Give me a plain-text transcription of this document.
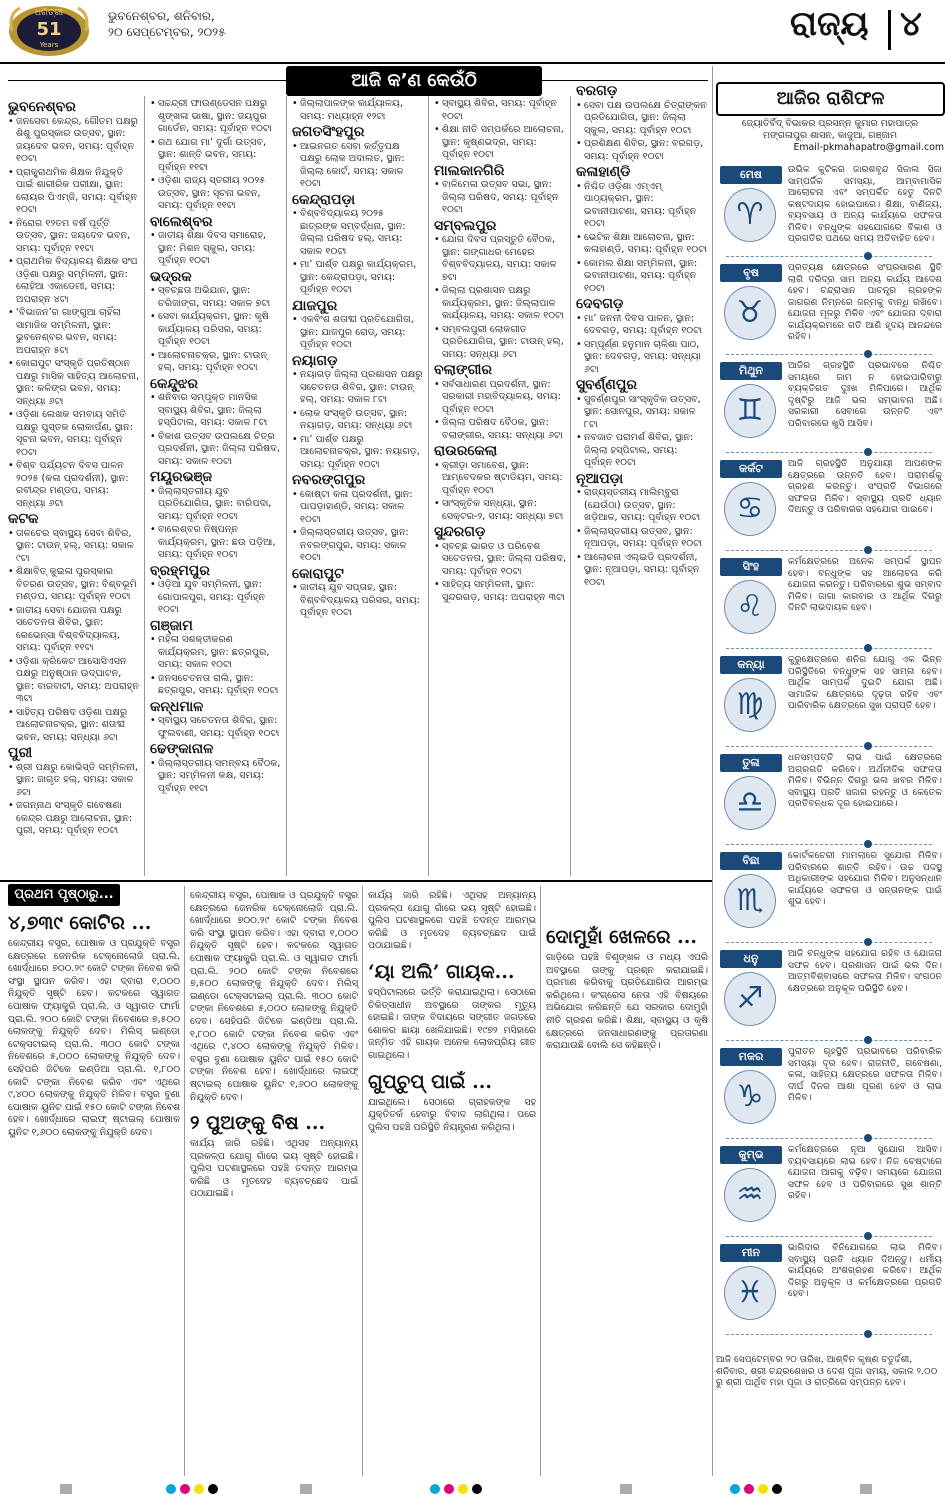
ଧରିତ୍ରୀ
51
Years
ଭୁବନେଶ୍ବର, ଶନିବାର,
୨୦ ସେପ୍ଟେମ୍ବର, ୨୦୨୫	ରାଜ୍ୟ ୪
ଆଜି କ’ଣ କେଉଁଠି
ଭୁବନେଶ୍ବର
• ଜନସେବା କେନ୍ଦ୍ର, ଗୌତମ ପକ୍ଷରୁ ଶିଶୁ ପୁରସ୍କାର ଉତ୍ସବ, ସ୍ଥାନ: ଜୟଦେବ ଭବନ, ସମୟ: ପୂର୍ବାହ୍ନ ୧୦ଟା
• ପ୍ରାକ୍ପ୍ରାଥମିକ ଶିକ୍ଷକ ନିଯୁକ୍ତି ପାଇଁ ଶାରୀରିକ ପରୀକ୍ଷା, ସ୍ଥାନ: ଲୋୟର ପିଏମ୍‌ଜି, ସମୟ: ପୂର୍ବାହ୍ନ ୧୦ଟା
• ନିରୋଗ ୧୨ତମ ବର୍ଷ ପୂର୍ତ୍ତି ଉତ୍ସବ, ସ୍ଥାନ: ଜୟଦେବ ଭବନ, ସମୟ: ପୂର୍ବାହ୍ନ ୧୧ଟା
• ପ୍ରାଥମିକ ବିଦ୍ୟାଳୟ ଶିକ୍ଷକ ସଂଘ ଓଡ଼ିଶା ପକ୍ଷରୁ ସମ୍ମିଳନୀ, ସ୍ଥାନ: ଲୋହିଆ ଏକାଡେମୀ, ସମୟ: ଅପରାହ୍ନ ୪ଟା
• ‘ବିଭାଜନ’ର ଗାଙ୍ଗୁଆ ଚାହିଁଲା ସାମାଜିକ ସମ୍ମିଳନୀ, ସ୍ଥାନ: ଭୁବନେଶ୍ବର ଭବନ, ସମୟ: ଅପରାହ୍ନ ୫ଟା
• କୋରାପୁଟ ସଂସ୍କୃତି ପ୍ରତିଷ୍ଠାନ ପକ୍ଷରୁ ମାସିକ ସାହିତ୍ୟ ଆଲୋଚନା, ସ୍ଥାନ: କଳିଙ୍ଗ ଭବନ, ସମୟ: ସନ୍ଧ୍ୟା ୬ଟା
• ଓଡ଼ିଶା ଲେଖକ ସମବାୟ ସମିତି ପକ୍ଷରୁ ପୁସ୍ତକ ଲୋକାର୍ପଣ, ସ୍ଥାନ: ସୂଚନା ଭବନ, ସମୟ: ପୂର୍ବାହ୍ନ ୧୦ଟା
• ବିଶ୍ବ ପର୍ଯ୍ୟଟନ ଦିବସ ପାଳନ ୨୦୨୫ (କଳା ପ୍ରଦର୍ଶନୀ), ସ୍ଥାନ: ରବୀନ୍ଦ୍ର ମଣ୍ଡପ, ସମୟ: ସନ୍ଧ୍ୟା ୬ଟା
କଟକ
• ତାଳଚେର ସ୍ବାସ୍ଥ୍ୟ ସେବା ଶିବିର, ସ୍ଥାନ: ଟାଉନ୍ ହଲ୍, ସମୟ: ସକାଳ ୯ଟା
• ଶିକ୍ଷାବିତ୍ କୁଇଳା ପୁରସ୍କାର ବିତରଣ ଉତ୍ସବ, ସ୍ଥାନ: ବିଶ୍ବଭୂମି ମଣ୍ଡପ, ସମୟ: ପୂର୍ବାହ୍ନ ୧୦ଟା
• ଜାତୀୟ ସେବା ଯୋଜନା ପକ୍ଷରୁ ସଚେତନତା ଶିବିର, ସ୍ଥାନ: ରେଭେନ୍ସା ବିଶ୍ବବିଦ୍ୟାଳୟ, ସମୟ: ପୂର୍ବାହ୍ନ ୧୧ଟା
• ଓଡ଼ିଶା କ୍ରିକେଟ ଆସୋସିଏସନ ପକ୍ଷରୁ ଅନୁଷ୍ଠାନ ଉଦ୍‌ଘାଟନ, ସ୍ଥାନ: ବାରବାଟୀ, ସମୟ: ଅପରାହ୍ନ ୩ଟା
• ସାହିତ୍ୟ ପରିଷଦ ଓଡ଼ିଶା ପକ୍ଷରୁ ଆଲୋଚନାଚକ୍ର, ସ୍ଥାନ: ଶତାବ୍ଦୀ ଭବନ, ସମୟ: ସନ୍ଧ୍ୟା ୬ଟା
ପୁରୀ
• ଶ୍ରୀ ପକ୍ଷରୁ କୋଭିସ୍ତି ସମ୍ମିଳନୀ, ସ୍ଥାନ: ଜାଗୃତ ହଲ୍, ସମୟ: ସକାଳ ୬ଟା
• ଜଗନ୍ନାଥ ସଂସ୍କୃତି ଗବେଷଣା କେନ୍ଦ୍ର ପକ୍ଷରୁ ଆଲୋଚନା, ସ୍ଥାନ: ପୁରୀ, ସମୟ: ପୂର୍ବାହ୍ନ ୧୦ଟା
• ସଚ୍ଚନ୍ଦ୍ରୀ ଫାଉଣ୍ଡେସନ ପକ୍ଷରୁ ଶୃଙ୍ଖଳା ଭାଷା, ସ୍ଥାନ: ଜୟପୁର ଗାର୍ଡେନ, ସମୟ: ପୂର୍ବାହ୍ନ ୧୦ଟା
• ରଥ ଯୋଗ ମା’ ଦୁର୍ଗା ଉତ୍ସବ, ସ୍ଥାନ: ଶାନ୍ତି ଭବନ, ସମୟ: ପୂର୍ବାହ୍ନ ୧୧ଟା
• ଓଡ଼ିଶା ରାଜ୍ୟ ସ୍ତରୀୟ ୨୦୨୫ ଉତ୍ସବ, ସ୍ଥାନ: ସୂଚନା ଭବନ, ସମୟ: ପୂର୍ବାହ୍ନ ୧୧ଟା
ବାଲେଶ୍ବର
• ଜାତୀୟ ଶିକ୍ଷା ଦିବସ ସମାରୋହ, ସ୍ଥାନ: ମିଶନ ସ୍କୁଲ, ସମୟ: ପୂର୍ବାହ୍ନ ୧୦ଟା
ଭଦ୍ରକ
• ସ୍ବଚ୍ଛତା ଅଭିଯାନ, ସ୍ଥାନ: ଚରିଜାଙ୍ଗ, ସମୟ: ସକାଳ ୭ଟା
• ସେବା କାର୍ଯ୍ୟକ୍ରମ, ସ୍ଥାନ: କୃଷି କାର୍ଯ୍ୟାଳୟ ପରିସର, ସମୟ: ପୂର୍ବାହ୍ନ ୧୦ଟା
• ଆଲୋଚନାଚକ୍ର, ସ୍ଥାନ: ଟାଉନ୍ ହଲ୍, ସମୟ: ପୂର୍ବାହ୍ନ ୧୦ଟା
କେନ୍ଦୁଝର
• ଶନିବାର ସମ୍ପୃକ୍ତ ମାନସିକ ସ୍ବାସ୍ଥ୍ୟ ଶିବିର, ସ୍ଥାନ: ଜିଲ୍ଲା ହସ୍ପିଟାଲ, ସମୟ: ସକାଳ ୮ଟା
• ବିକାଶ ଉତ୍ସବ ଉପଲକ୍ଷେ ଚିତ୍ର ପ୍ରଦର୍ଶନୀ, ସ୍ଥାନ: ଜିଲ୍ଲା ପରିଷଦ, ସମୟ: ସକାଳ ୧୦ଟା
ମୟୂରଭଞ୍ଜ
• ଜିଲ୍ଲାସ୍ତରୀୟ ଯୁବ ପ୍ରତିଯୋଗିତା, ସ୍ଥାନ: ବାରିପଦା, ସମୟ: ପୂର୍ବାହ୍ନ ୧୦ଟା
• ବାଲେଶ୍ବର ନିଷ୍ପନ୍ନ କାର୍ଯ୍ୟକ୍ରମ, ସ୍ଥାନ: ଛଉ ପଡ଼ିଆ, ସମୟ: ପୂର୍ବାହ୍ନ ୧୦ଟା
ବ୍ରହ୍ମପୁର
• ଓଡ଼ିଆ ଯୁବ ସମ୍ମିଳନୀ, ସ୍ଥାନ: ଗୋପାଳପୁର, ସମୟ: ପୂର୍ବାହ୍ନ ୧୦ଟା
ଗଞ୍ଜାମ
• ମହିଳା ସଶକ୍ତୀକରଣ କାର୍ଯ୍ୟକ୍ରମ, ସ୍ଥାନ: ଛତ୍ରପୁର, ସମୟ: ସକାଳ ୧୦ଟା
• ଜନସଚେତନତା ରାଲି, ସ୍ଥାନ: ଛତ୍ରପୁର, ସମୟ: ପୂର୍ବାହ୍ନ ୧୦ଟା
କନ୍ଧମାଳ
• ସ୍ବାସ୍ଥ୍ୟ ସଚେତନତା ଶିବିର, ସ୍ଥାନ: ଫୁଲବାଣୀ, ସମୟ: ପୂର୍ବାହ୍ନ ୧୦ଟା
ଢେଙ୍କାନାଳ
• ଜିଲ୍ଲାସ୍ତରୀୟ ସମନ୍ବୟ ବୈଠକ, ସ୍ଥାନ: ସମ୍ମିଳନୀ କକ୍ଷ, ସମୟ: ପୂର୍ବାହ୍ନ ୧୧ଟା
• ଜିଲ୍ଲାପାଳଙ୍କ କାର୍ଯ୍ୟାଳୟ, ସମୟ: ମଧ୍ୟାହ୍ନ ୧୨ଟା
ଜଗତସିଂହପୁର
• ଆଇନଗତ ସେବା କର୍ତ୍ତୃପକ୍ଷ ପକ୍ଷରୁ ଲୋକ ଅଦାଲତ, ସ୍ଥାନ: ଜିଲ୍ଲା କୋର୍ଟ, ସମୟ: ସକାଳ ୧୦ଟା
କେନ୍ଦ୍ରାପଡ଼ା
• ବିଶ୍ବବିଦ୍ୟାଳୟ ୨୦୨୫ ଛାତ୍ରଙ୍କ ସମ୍ବର୍ଦ୍ଧନା, ସ୍ଥାନ: ଜିଲ୍ଲା ପରିଷଦ ହଲ୍, ସମୟ: ସକାଳ ୧୦ଟା
• ମା’ ପାର୍ଶ୍ବ ପକ୍ଷରୁ କାର୍ଯ୍ୟକ୍ରମ, ସ୍ଥାନ: କେନ୍ଦ୍ରାପଡ଼ା, ସମୟ: ପୂର୍ବାହ୍ନ ୧୦ଟା
ଯାଜପୁର
• ଏକବିଂଶ ଶତାବ୍ଦୀ ପ୍ରତିଯୋଗିତା, ସ୍ଥାନ: ଯାଜପୁର ରୋଡ୍, ସମୟ: ପୂର୍ବାହ୍ନ ୧୦ଟା
ନୟାଗଡ଼
• ନୟାଗଡ଼ ଜିଲ୍ଲା ପ୍ରଶାସନ ପକ୍ଷରୁ ସଚେତନତା ଶିବିର, ସ୍ଥାନ: ଟାଉନ୍ ହଲ୍, ସମୟ: ସକାଳ ୮ଟା
• ଲୋକ ସଂସ୍କୃତି ଉତ୍ସବ, ସ୍ଥାନ: ନୟାଗଡ଼, ସମୟ: ସନ୍ଧ୍ୟା ୬ଟା
• ମା’ ପାର୍ଶ୍ବ ପକ୍ଷରୁ ଆଲୋଚନାଚକ୍ର, ସ୍ଥାନ: ନୟାଗଡ଼, ସମୟ: ପୂର୍ବାହ୍ନ ୧୦ଟା
ନବରଙ୍ଗପୁର
• କୋଷ୍ଟା କଳା ପ୍ରଦର୍ଶନୀ, ସ୍ଥାନ: ପାପଡ଼ାହାଣ୍ଡି, ସମୟ: ସକାଳ ୧୦ଟା
• ଜିଲ୍ଲାସ୍ତରୀୟ ଉତ୍ସବ, ସ୍ଥାନ: ନବରଙ୍ଗପୁର, ସମୟ: ସକାଳ ୧୦ଟା
କୋରାପୁଟ
• ଜାତୀୟ ଯୁବ ସପ୍ତାହ, ସ୍ଥାନ: ବିଶ୍ବବିଦ୍ୟାଳୟ ପରିସର, ସମୟ: ପୂର୍ବାହ୍ନ ୧୦ଟା
• ସ୍ବାସ୍ଥ୍ୟ ଶିବିର, ସମୟ: ପୂର୍ବାହ୍ନ ୧୦ଟା
• ଶିକ୍ଷା ନୀତି ସମ୍ପର୍କରେ ଆଲୋଚନା, ସ୍ଥାନ: କୃଷ୍ଣଭଦ୍ର, ସମୟ: ପୂର୍ବାହ୍ନ ୧୦ଟା
ମାଲକାନଗିରି
• ବାଳିମେଳା ଉତ୍ସବ ସଭା, ସ୍ଥାନ: ଜିଲ୍ଲା ପରିଷଦ, ସମୟ: ପୂର୍ବାହ୍ନ ୧୦ଟା
ସମ୍ବଲପୁର
• ଯୋଗ ଦିବସ ପ୍ରସ୍ତୁତି ବୈଠକ, ସ୍ଥାନ: ଗଙ୍ଗାଧର ମେହେର ବିଶ୍ବବିଦ୍ୟାଳୟ, ସମୟ: ସକାଳ ୭ଟା
• ଜିଲ୍ଲା ପ୍ରଶାସନ ପକ୍ଷରୁ କାର୍ଯ୍ୟକ୍ରମ, ସ୍ଥାନ: ଜିଲ୍ଲାପାଳ କାର୍ଯ୍ୟାଳୟ, ସମୟ: ସକାଳ ୧୦ଟା
• ସମ୍ବଲପୁରୀ ଲୋକଗୀତ ପ୍ରତିଯୋଗିତା, ସ୍ଥାନ: ଟାଉନ୍ ହଲ୍, ସମୟ: ସନ୍ଧ୍ୟା ୬ଟା
ବଲାଙ୍ଗୀର
• ସର୍ବସାଧାରଣ ପ୍ରଦର୍ଶନୀ, ସ୍ଥାନ: ସରକାରୀ ମହାବିଦ୍ୟାଳୟ, ସମୟ: ପୂର୍ବାହ୍ନ ୧୦ଟା
• ଜିଲ୍ଲା ପରିଷଦ ବୈଠକ, ସ୍ଥାନ: ବଲାଙ୍ଗୀର, ସମୟ: ସନ୍ଧ୍ୟା ୬ଟା
ରାଉରକେଲା
• କ୍ରୀଡ଼ା ସମାବେଶ, ସ୍ଥାନ: ଆମ୍ବେଦକର ଷ୍ଟାଡିୟମ, ସମୟ: ପୂର୍ବାହ୍ନ ୧୦ଟା
• ସାଂସ୍କୃତିକ ସନ୍ଧ୍ୟା, ସ୍ଥାନ: ସେକ୍ଟର-୨, ସମୟ: ସନ୍ଧ୍ୟା ୭ଟା
ସୁନ୍ଦରଗଡ଼
• ସ୍ବଚ୍ଛ ଭାରତ ଓ ପରିବେଶ ସଚେତନତା, ସ୍ଥାନ: ଜିଲ୍ଲା ପରିଷଦ, ସମୟ: ପୂର୍ବାହ୍ନ ୧୦ଟା
• ସାହିତ୍ୟ ସମ୍ମିଳନୀ, ସ୍ଥାନ: ସୁନ୍ଦରଗଡ଼, ସମୟ: ଅପରାହ୍ନ ୩ଟା
ବରଗଡ଼
• ସେବା ପକ୍ଷ ଉପଲକ୍ଷେ ଚିତ୍ରାଙ୍କନ ପ୍ରତିଯୋଗିତା, ସ୍ଥାନ: ଜିଲ୍ଲା ସ୍କୁଲ, ସମୟ: ପୂର୍ବାହ୍ନ ୧୦ଟା
• ପ୍ରଶିକ୍ଷଣ ଶିବିର, ସ୍ଥାନ: ବରଗଡ଼, ସମୟ: ପୂର୍ବାହ୍ନ ୧୦ଟା
କଳାହାଣ୍ଡି
• ନିଶ୍ଚିତ ଓଡ଼ିଶା ଏମ୍‌ଏମ୍ ପାଠ୍ୟକ୍ରମ, ସ୍ଥାନ: ଭବାନୀପାଟଣା, ସମୟ: ପୂର୍ବାହ୍ନ ୧୦ଟା
• ଭେଟିକ ଶିକ୍ଷା ଆଲୋଚନା, ସ୍ଥାନ: କଳାହାଣ୍ଡି, ସମୟ: ପୂର୍ବାହ୍ନ ୧୦ଟା
• କୋମଲ ଶିକ୍ଷା ସମ୍ମିଳନୀ, ସ୍ଥାନ: ଭବାନୀପାଟଣା, ସମୟ: ପୂର୍ବାହ୍ନ ୧୦ଟା
ଦେବଗଡ଼
• ମା’ ଜନନୀ ଦିବସ ପାଳନ, ସ୍ଥାନ: ଦେବଗଡ଼, ସମୟ: ପୂର୍ବାହ୍ନ ୧୦ଟା
• ସମ୍ପୂର୍ଣ୍ଣ ହନୁମାନ ଚାଳିଶା ପାଠ, ସ୍ଥାନ: ଦେବଗଡ଼, ସମୟ: ସନ୍ଧ୍ୟା ୬ଟା
ସୁବର୍ଣ୍ଣପୁର
• ସୁବର୍ଣ୍ଣପୁର ସାଂସ୍କୃତିକ ଉତ୍ସବ, ସ୍ଥାନ: ସୋନପୁର, ସମୟ: ସକାଳ ୮ଟା
• ନବଜାତ ପରାମର୍ଶ ଶିବିର, ସ୍ଥାନ: ଜିଲ୍ଲା ହସ୍ପିଟାଲ, ସମୟ: ପୂର୍ବାହ୍ନ ୧୦ଟା
ନୂଆପଡ଼ା
• ରାଜ୍ୟସ୍ତରୀୟ ମାଲିମ୍ବୁରା (ଯେଉଁଠା) ଉତ୍ସବ, ସ୍ଥାନ: ଖଡ଼ିଆଳ, ସମୟ: ପୂର୍ବାହ୍ନ ୧୦ଟା
• ଜିଲ୍ଲାସ୍ତରୀୟ ଉତ୍ସବ, ସ୍ଥାନ: ନୂଆପଡ଼ା, ସମୟ: ପୂର୍ବାହ୍ନ ୧୦ଟା
• ଆଲୋଚନା ଏଲ୍‌ଇଡି ପ୍ରଦର୍ଶନୀ, ସ୍ଥାନ: ନୂଆପଡ଼ା, ସମୟ: ପୂର୍ବାହ୍ନ ୧୦ଟା
ଆଜିର ରାଶିଫଳ
ଜ୍ୟୋତିର୍ବିଦ୍ ବିଭାକର ପ୍ରସନ୍ନ କୁମାର ମହାପାତ୍ର
ମଙ୍ଗଳାପୁର ଶାସନ, କାଜୁଆ, ଗଞ୍ଜାମ
Email-pkmahapatro@gmail.com
ମେଷ
♈
ଉଭିକ କୁଟିକର ଜାରଶବୃନ୍ଦ ସିଜାଲ ସିଜା ସାମ୍ପର୍ଜିକ ସମସ୍ୟା, ଆମ୍ବାମାସିକ ଆଲୋଚନା ଏବଂ ସମ୍ପର୍କିତ ହେତୁ ଦିନଟି କଷ୍ଟଦାୟକ ହୋଇପାରେ। ଶିକ୍ଷା, ବାଣିଜ୍ୟ, ବ୍ୟବସାୟ ଓ ଅନ୍ୟ କାର୍ଯ୍ୟରେ ସଫଳତା ମିଳିବ। ବନ୍ଧୁଙ୍କ ସହଯୋଗରେ ବିକାଶ ଓ ପ୍ରଗତିର ପଥରେ ସମୟ ଅତିବାହିତ ହେବ।
ବୃଷ
♉
ପ୍ରତ୍ୟକ୍ଷ କ୍ଷେତ୍ରରେ ସଂପ୍ରସାରଣ ସ୍ଥିତି ଲାଗି ଦରିଦ୍ର ସାମ ଅନ୍ୟ କାର୍ଯ୍ୟ ଆଦେଶ ହେବ। ଚନ୍ଦ୍ରାସାନ ପାଚନ୍ତ୍ର ଗ୍ରହଙ୍କ ଜାଗରଣ ନିମ୍ନରେ ଜନ୍ମକୁ ବାନ୍ଧି ରଖିବେ। ଯୋଜନା ମୂଳରୁ ମିଳିବ ଏବଂ ଯୋଜନା ଦ୍ବାରା କାର୍ଯ୍ୟକ୍ରମରେ ଗତି ଆଣି ହୃଦୟ ଆନନ୍ଦରେ ରହିବ।
ମିଥୁନ
♊
ଆଜିର ଗ୍ରହସ୍ଥିତି ପ୍ରଭାବରେ ନିଶ୍ଚିତ ସମୟରେ ଜାମ ନ ହୋଇପାରିବାରୁ ବ୍ୟକ୍ତିଗତ ଦୁଃଖ ମିଳିପାରେ। ଆର୍ଥିକ ଦୃଷ୍ଟିରୁ ଆଜି ଭଲ ସମ୍ଭାବନା ଅଛି। ସରକାରୀ ସେବାରେ ଉନ୍ନତି ଏବଂ ପରିବାରରେ ଖୁସି ଆସିବ।
କର୍କଟ
♋
ଆଜି ଗ୍ରହସ୍ଥିତି ଅନୁଯାୟୀ ଆପଣଙ୍କ କ୍ଷେତ୍ରରେ ଉନ୍ନତି ହେବ। ପରାମର୍ଶକୁ ଗ୍ରହଣ କରନ୍ତୁ। ସଂପ୍ରତି ବିଭାଗରେ ସଫଳତା ମିଳିବ। ସ୍ବାସ୍ଥ୍ୟ ପ୍ରତି ଧ୍ୟାନ ଦିଅନ୍ତୁ ଓ ପରିବାରର ସହଯୋଗ ପାଇବେ।
ସିଂହ
♌
କର୍ମକ୍ଷେତ୍ରରେ ଅନେକ ସମ୍ପର୍କ ସ୍ଥାପନ ହେବ। ବନ୍ଧୁଙ୍କ ସହ ଆଲୋଚନା କରି ଯୋଜନା କରନ୍ତୁ। ପରିବାରରେ ଶୁଭ ସମ୍ବାଦ ମିଳିବ। ଜାଗା କାରବାର ଓ ଆର୍ଥିକ ଦିଗରୁ ଦିନଟି ଲାଭଦାୟକ ହେବ।
କନ୍ୟା
♍
କୁରୁକ୍ଷେତ୍ରରେ ଶନିର ଯୋଗୁ ଏକ ଭିନ୍ନ ପରିସ୍ଥିତିରେ ବନ୍ଧୁଙ୍କ ସହ ସାମ୍ନା ହେବ। ଆର୍ଥିକ ସାମ୍ପର୍କ ଦୁଇଟି ଯୋଗ ଅଛି। ସାମାଜିକ କ୍ଷେତ୍ରରେ ଦୃଢ଼ତା ରହିବ ଏବଂ ପାରିବାରିକ କ୍ଷେତ୍ରରେ ସୁଖ ପ୍ରାପ୍ତି ହେବ।
ତୁଳା
♎
ଧନସମ୍ପତ୍ତି ଲାଭ ପାଇଁ କ୍ଷେତ୍ରରେ ଅଗ୍ରଗତି କରିବେ। ଅର୍ଥନୀତିକ ସଫଳତା ମିଳିବ। ବିଭିନ୍ନ ଦିଗରୁ ଭଲ ଖବର ମିଳିବ। ସ୍ବାସ୍ଥ୍ୟ ପ୍ରତି ସଜାଗ ରହନ୍ତୁ ଓ କେତେକ ପ୍ରତିବନ୍ଧକ ଦୂର ହୋଇପାରେ।
ବିଛା
♏
କୋର୍ଟକଚେରୀ ମାମଲାରେ ସୁଯୋଗ ମିଳିବ। ପରିବାରରେ ଶାନ୍ତି ରହିବ। ଉଚ୍ଚ ପଦସ୍ଥ ଅଧିକାରୀଙ୍କ ସହଯୋଗ ମିଳିବ। ଅନୁସନ୍ଧାନ କାର୍ଯ୍ୟରେ ସଫଳତା ଓ ସନ୍ତାନଙ୍କ ପାଇଁ ଶୁଭ ହେବ।
ଧନୁ
♐
ଆଜି ବନ୍ଧୁଙ୍କ ସହଯୋଗ ରହିବ ଓ ଯୋଜନା ସଫଳ ହେବ। ପ୍ରଶାସନ ପାଇଁ ଭଲ ଦିନ। ଆତ୍ମବିଶ୍ବାସରେ ସଫଳତା ମିଳିବ। ସଂଗଠନ କ୍ଷେତ୍ରରେ ଅନୁକୂଳ ପରିସ୍ଥିତି ହେବ।
ମକର
♑
ପୁରାତନ ଗୃହସ୍ଥିତି ପ୍ରଭାବରେ ପରିବାରିକ ସମସ୍ୟା ଦୂର ହେବ। ରାଜନୀତି, ଗବେଷଣା, କଳା, ସାହିତ୍ୟ କ୍ଷେତ୍ରରେ ସଫଳତା ମିଳିବ। ଦୀର୍ଘ ଦିନର ଆଶା ପୂରଣ ହେବ ଓ ଲାଭ ମିଳିବ।
କୁମ୍ଭ
♒
କର୍ମକ୍ଷେତ୍ରରେ ନୂଆ ସୁଯୋଗ ଆସିବ। ବ୍ୟବସାୟରେ ଲାଭ ହେବ। ନିଜ ଚେଷ୍ଟାରେ ଯୋଜନା ଆଗକୁ ବଢ଼ିବ। ସମୟରେ ଯୋଜନା ସଫଳ ହେବ ଓ ପରିବାରରେ ସୁଖ ଶାନ୍ତି ରହିବ।
ମୀନ
♓
ଭାଗିଦାର ବିନିଯୋଗରେ ଲାଭ ମିଳିବ। ସ୍ବାସ୍ଥ୍ୟ ପ୍ରତି ଧ୍ୟାନ ଦିଅନ୍ତୁ। ଧର୍ମୀୟ କାର୍ଯ୍ୟରେ ଅଂଶଗ୍ରହଣ କରିବେ। ଆର୍ଥିକ ଦିଗରୁ ଅନୁକୂଳ ଓ କର୍ମକ୍ଷେତ୍ରରେ ପ୍ରଗତି ହେବ।
ଆଜି ସେପ୍ଟେମ୍ବର ୨୦ ତାରିଖ, ଆଶ୍ବିନ କୃଷ୍ଣ ଚତୁର୍ଦ୍ଦଶୀ, ଶନିବାର, ଶ୍ରୀ ଚନ୍ଦ୍ରଶେଖର ଓ ଦେଶ ପୂଜା ସମୟ, ସକାଳ ୨.୦୦ ରୁ ଶ୍ରୀ ପାର୍ଥିବ ମହା ପୂଜା ଓ ରାତ୍ରିରେ ସମ୍ପନ୍ନ ହେବ।
ପ୍ରଥମ ପୃଷ୍ଠାରୁ...
୪,୭୩୯ କୋଟିର ...
କେନ୍ଦ୍ରୀୟ ବସ୍ତ୍ର, ପୋଷାକ ଓ ପ୍ରଯୁକ୍ତି ବସ୍ତ୍ର କ୍ଷେତ୍ରରେ ଜେନରିକ ଟେକ୍ନୋଲୋଜି ପ୍ରା.ଲି. ଖୋର୍ଦ୍ଧାରେ ୭୦୦.୨୯ କୋଟି ଟଙ୍କା ନିବେଶ କରି ସଂସ୍ଥା ସ୍ଥାପନ କରିବ। ଏହା ଦ୍ବାରା ୧,୦୦୦ ନିଯୁକ୍ତି ସୃଷ୍ଟି ହେବ। କଟକରେ ସ୍ୱାଗତ ପୋଷାକ ଫ୍ୟାକ୍ଟ୍ରି ପ୍ରା.ଲି. ଓ ସ୍ୱାଗତ ଫାର୍ମା ପ୍ରା.ଲି. ୨୦୦ କୋଟି ଟଙ୍କା ନିବେଶରେ ୭,୫୦୦ ଲୋକଙ୍କୁ ନିଯୁକ୍ତି ଦେବ। ମିଲିସ୍ ଇଣ୍ଡୋ ଟେକ୍ସଟାଇଲ୍ ପ୍ରା.ଲି. ୩୦୦ କୋଟି ଟଙ୍କା ନିବେଶରେ ୫,୦୦୦ ଲୋକଙ୍କୁ ନିଯୁକ୍ତି ଦେବ। ସେହିପରି ଜିଟିକେ ଇଣ୍ଡିଆ ପ୍ରା.ଲି. ୧,୮୦୦ କୋଟି ଟଙ୍କା ନିବେଶ କରିବ ଏବଂ ଏଥିରେ ୯,୪୦୦ ଲୋକଙ୍କୁ ନିଯୁକ୍ତି ମିଳିବ। ବସ୍ତ୍ର ବୁଣା ପୋଷାକ ୟୁନିଟ ପାଇଁ ୧୫୦ କୋଟି ଟଙ୍କା ନିବେଶ ହେବ। ଖୋର୍ଦ୍ଧାରେ ଲାଇଫ୍ ଷ୍ଟାଇଲ୍ ପୋଷାକ ୟୁନିଟ ୧,୬୦୦ ଲୋକଙ୍କୁ ନିଯୁକ୍ତି ଦେବ।
କେନ୍ଦ୍ରୀୟ ବସ୍ତ୍ର, ପୋଷାକ ଓ ପ୍ରଯୁକ୍ତି ବସ୍ତ୍ର କ୍ଷେତ୍ରରେ ଜେନରିକ ଟେକ୍ନୋଲୋଜି ପ୍ରା.ଲି. ଖୋର୍ଦ୍ଧାରେ ୭୦୦.୨୯ କୋଟି ଟଙ୍କା ନିବେଶ କରି ସଂସ୍ଥା ସ୍ଥାପନ କରିବ। ଏହା ଦ୍ବାରା ୧,୦୦୦ ନିଯୁକ୍ତି ସୃଷ୍ଟି ହେବ। କଟକରେ ସ୍ୱାଗତ ପୋଷାକ ଫ୍ୟାକ୍ଟ୍ରି ପ୍ରା.ଲି. ଓ ସ୍ୱାଗତ ଫାର୍ମା ପ୍ରା.ଲି. ୨୦୦ କୋଟି ଟଙ୍କା ନିବେଶରେ ୭,୫୦୦ ଲୋକଙ୍କୁ ନିଯୁକ୍ତି ଦେବ। ମିଲିସ୍ ଇଣ୍ଡୋ ଟେକ୍ସଟାଇଲ୍ ପ୍ରା.ଲି. ୩୦୦ କୋଟି ଟଙ୍କା ନିବେଶରେ ୫,୦୦୦ ଲୋକଙ୍କୁ ନିଯୁକ୍ତି ଦେବ। ସେହିପରି ଜିଟିକେ ଇଣ୍ଡିଆ ପ୍ରା.ଲି. ୧,୮୦୦ କୋଟି ଟଙ୍କା ନିବେଶ କରିବ ଏବଂ ଏଥିରେ ୯,୪୦୦ ଲୋକଙ୍କୁ ନିଯୁକ୍ତି ମିଳିବ। ବସ୍ତ୍ର ବୁଣା ପୋଷାକ ୟୁନିଟ ପାଇଁ ୧୫୦ କୋଟି ଟଙ୍କା ନିବେଶ ହେବ। ଖୋର୍ଦ୍ଧାରେ ଲାଇଫ୍ ଷ୍ଟାଇଲ୍ ପୋଷାକ ୟୁନିଟ ୧,୬୦୦ ଲୋକଙ୍କୁ ନିଯୁକ୍ତି ଦେବ।
୨ ପୁଅଙ୍କୁ ବିଷ ...
କାର୍ଯ୍ୟ ଜାରି ରହିଛି। ଏଥିସହ ଅନ୍ୟାନ୍ୟ ପ୍ରକଳ୍ପ ଯୋଗୁ ଗାଁରେ ଭୟ ସୃଷ୍ଟି ହୋଇଛି। ପୁଲିସ ଘଟଣାସ୍ଥଳରେ ପହଞ୍ଚି ତଦନ୍ତ ଆରମ୍ଭ କରିଛି ଓ ମୃତଦେହ ବ୍ୟବଚ୍ଛେଦ ପାଇଁ ପଠାଯାଇଛି।
କାର୍ଯ୍ୟ ଜାରି ରହିଛି। ଏଥିସହ ଅନ୍ୟାନ୍ୟ ପ୍ରକଳ୍ପ ଯୋଗୁ ଗାଁରେ ଭୟ ସୃଷ୍ଟି ହୋଇଛି। ପୁଲିସ ଘଟଣାସ୍ଥଳରେ ପହଞ୍ଚି ତଦନ୍ତ ଆରମ୍ଭ କରିଛି ଓ ମୃତଦେହ ବ୍ୟବଚ୍ଛେଦ ପାଇଁ ପଠାଯାଇଛି।
‘ୟା ଅଲି’ ଗାୟକ...
ହସ୍ପିଟାଲରେ ଭର୍ତ୍ତି କରାଯାଇଥିଲା। ସେଠାରେ ଚିକିତ୍ସାଧୀନ ଅବସ୍ଥାରେ ତାଙ୍କର ମୃତ୍ୟୁ ହୋଇଛି। ତାଙ୍କ ବିଦାୟରେ ସଙ୍ଗୀତ ଜଗତରେ ଶୋକର ଛାୟା ଖେଳିଯାଇଛି। ୧୯୭୨ ମସିହାରେ ଜନ୍ମିତ ଏହି ଗାୟକ ଅନେକ ଲୋକପ୍ରିୟ ଗୀତ ଗାଇଥିଲେ।
ଗୁପ୍‌ଚୁପ୍ ପାଇଁ ...
ଯାଇଥିଲେ। ସେଠାରେ ଗ୍ରାହକଙ୍କ ସହ ଯୁକ୍ତିତର୍କ ହେବାରୁ ବିବାଦ ଲାଗିଥିଲା। ପରେ ପୁଲିସ ପହଞ୍ଚି ପରିସ୍ଥିତି ନିୟନ୍ତ୍ରଣ କରିଥିଲା।
ଦୋମୁହାଁ ଖେଳରେ ...
ଗାଡ଼ିରେ ପହଞ୍ଚି ବିଶୃଙ୍ଖଳ ଓ ମଧ୍ୟ ଏପରି ଅବସ୍ଥାରେ ତାଙ୍କୁ ପ୍ରଶ୍ନ କରାଯାଇଛି। ପ୍ରମାଣ କରିବାକୁ ପ୍ରତିଯୋଗିତା ଆରମ୍ଭ କରିଥିଲେ। କଂଗ୍ରେସ ନେତା ଏହି ବିଷୟରେ ଅଭିଯୋଗ କରିଛନ୍ତି ଯେ ସରକାର ଦୋମୁହାଁ ନୀତି ଗ୍ରହଣ କରିଛି। ଶିକ୍ଷା, ସ୍ବାସ୍ଥ୍ୟ ଓ କୃଷି କ୍ଷେତ୍ରରେ ଜନସାଧାରଣଙ୍କୁ ପ୍ରତାରଣା କରାଯାଉଛି ବୋଲି ସେ କହିଛନ୍ତି।
